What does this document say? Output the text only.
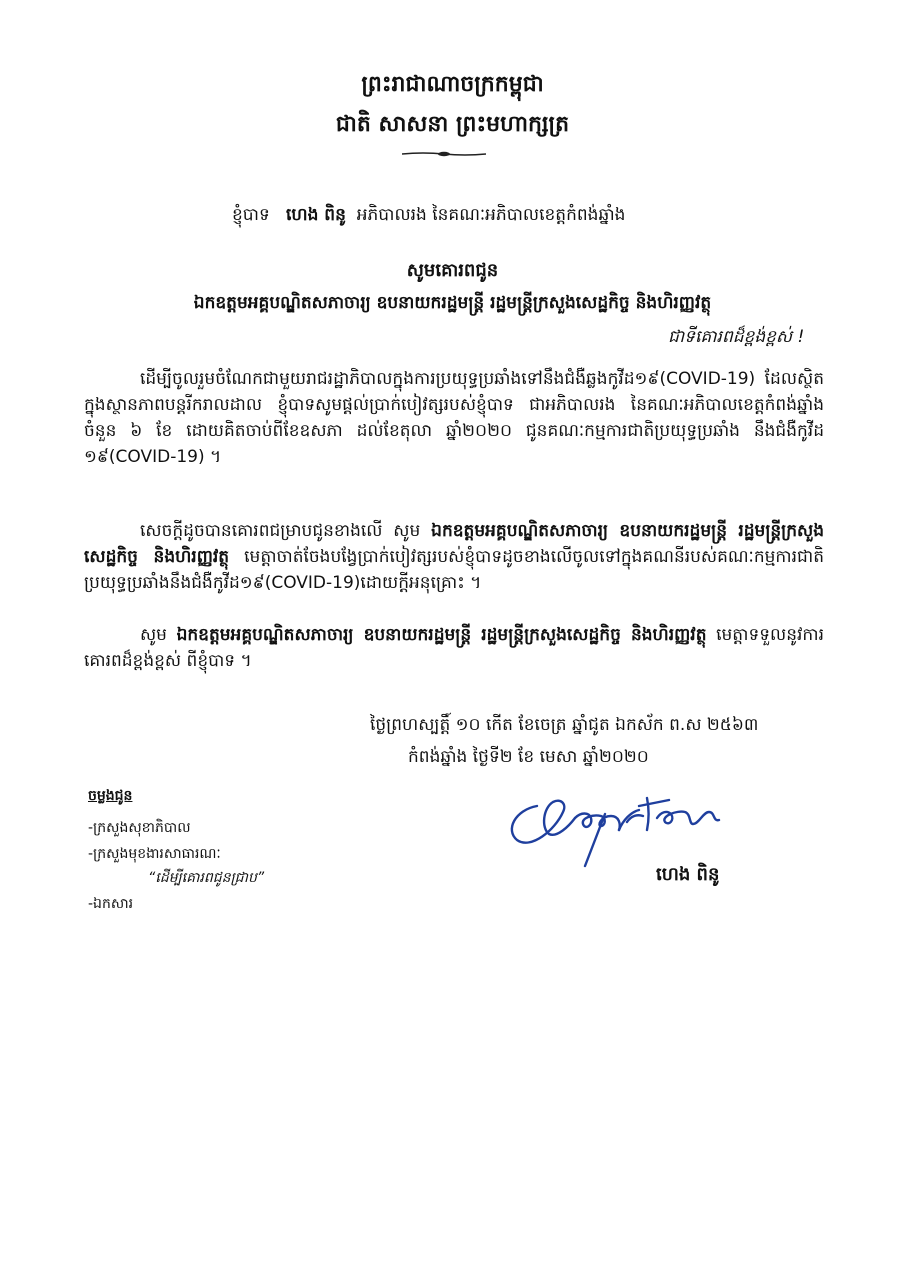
ព្រះរាជាណាចក្រកម្ពុជា
ជាតិ សាសនា ព្រះមហាក្សត្រ
ខ្ញុំបាទ ហេង ពិនូ អភិបាលរង នៃគណៈអភិបាលខេត្តកំពង់ឆ្នាំង
សូមគោរពជូន
ឯកឧត្តមអគ្គបណ្ឌិតសភាចារ្យ ឧបនាយករដ្ឋមន្ត្រី រដ្ឋមន្ត្រីក្រសួងសេដ្ឋកិច្ច និងហិរញ្ញវត្ថុ
ជាទីគោរពដ៏ខ្ពង់ខ្ពស់ !

ដើម្បីចូលរួមចំណែកជាមួយរាជរដ្ឋាភិបាលក្នុងការប្រយុទ្ធប្រឆាំងទៅនឹងជំងឺឆ្លងកូវីដ១៩(COVID-19) ដែលស្ថិតក្នុងស្ថានភាពបន្តរីករាលដាល ខ្ញុំបាទសូមផ្តល់ប្រាក់បៀវត្សរបស់ខ្ញុំបាទ ជាអភិបាលរង នៃគណៈអភិបាលខេត្តកំពង់ឆ្នាំងចំនួន ៦ ខែ ដោយគិតចាប់ពីខែឧសភា ដល់ខែតុលា ឆ្នាំ២០២០ ជូនគណៈកម្មការជាតិប្រយុទ្ធប្រឆាំង នឹងជំងឺកូវីដ ១៩(COVID-19) ។

សេចក្តីដូចបានគោរពជម្រាបជូនខាងលើ សូម ឯកឧត្តមអគ្គបណ្ឌិតសភាចារ្យ ឧបនាយករដ្ឋមន្ត្រី រដ្ឋមន្ត្រីក្រសួងសេដ្ឋកិច្ច និងហិរញ្ញវត្ថុ មេត្តាចាត់ចែងបង្វែប្រាក់បៀវត្សរបស់ខ្ញុំបាទដូចខាងលើចូលទៅក្នុងគណនីរបស់គណៈកម្មការជាតិប្រយុទ្ធប្រឆាំងនឹងជំងឺកូវីដ១៩(COVID-19)ដោយក្តីអនុគ្រោះ ។

សូម ឯកឧត្តមអគ្គបណ្ឌិតសភាចារ្យ ឧបនាយករដ្ឋមន្ត្រី រដ្ឋមន្ត្រីក្រសួងសេដ្ឋកិច្ច និងហិរញ្ញវត្ថុ មេត្តាទទួលនូវការគោរពដ៏ខ្ពង់ខ្ពស់ ពីខ្ញុំបាទ ។

ថ្ងៃព្រហស្បត្តិ៍ ១០ កើត ខែចេត្រ ឆ្នាំជូត ឯកស័ក ព.ស ២៥៦៣
កំពង់ឆ្នាំង ថ្ងៃទី២ ខែ មេសា ឆ្នាំ២០២០
ចម្លងជូន
-ក្រសួងសុខាភិបាល
-ក្រសួងមុខងារសាធារណៈ
“ដើម្បីគោរពជូនជ្រាប”
-ឯកសារ
ហេង ពិនូ
